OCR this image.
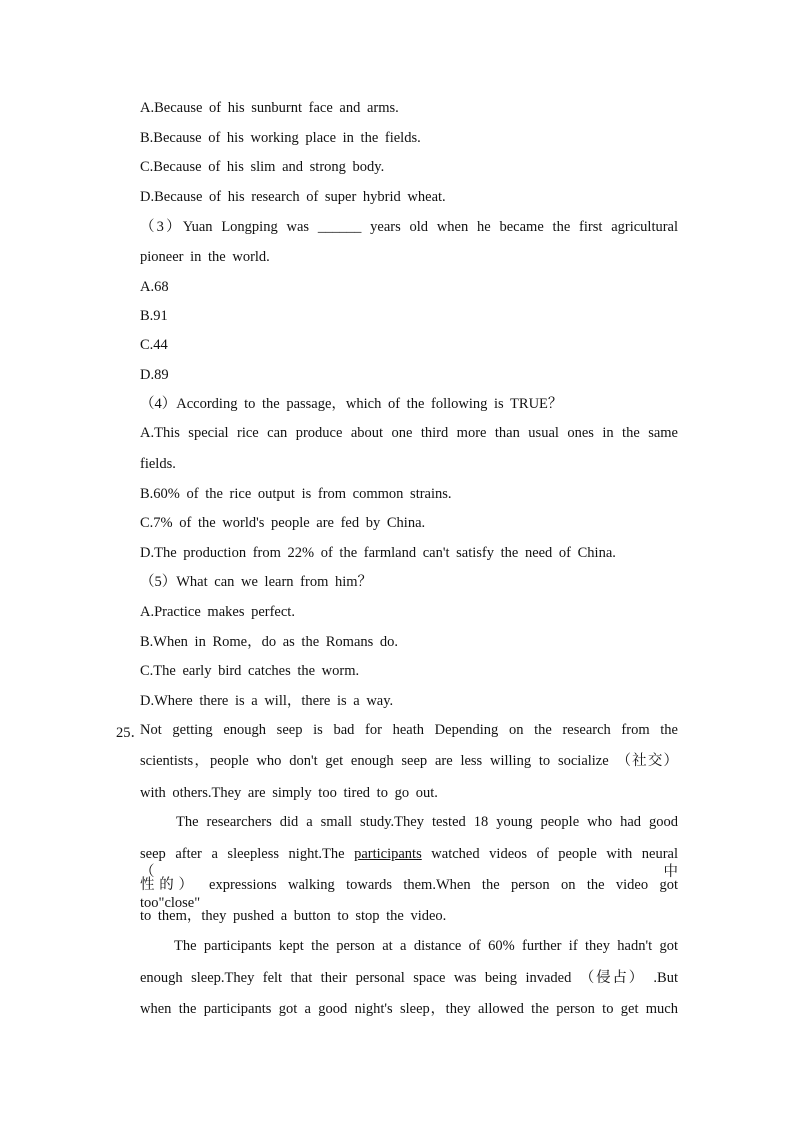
A.Because of his sunburnt face and arms.
B.Because of his working place in the fields.
C.Because of his slim and strong body.
D.Because of his research of super hybrid wheat.
（3）Yuan Longping was ______ years old when he became the first agricultural
pioneer in the world.
A.68
B.91
C.44
D.89
（4）According to the passage，which of the following is TRUE？
A.This special rice can produce about one third more than usual ones in the same
fields.
B.60% of the rice output is from common strains.
C.7% of the world's people are fed by China.
D.The production from 22% of the farmland can't satisfy the need of China.
（5）What can we learn from him？
A.Practice makes perfect.
B.When in Rome，do as the Romans do.
C.The early bird catches the worm.
D.Where there is a will，there is a way.
25．
Not getting enough seep is bad for heath Depending on the research from the
scientists，people who don't get enough seep are less willing to socialize （社交）
with others.They are simply too tired to go out.
The researchers did a small study.They tested 18 young people who had good
seep after a sleepless night.The participants watched videos of people with neural （中
性的） expressions walking towards them.When the person on the video got too"close"
to them，they pushed a button to stop the video.
The participants kept the person at a distance of 60% further if they hadn't got
enough sleep.They felt that their personal space was being invaded （侵占） .But
when the participants got a good night's sleep，they allowed the person to get much
